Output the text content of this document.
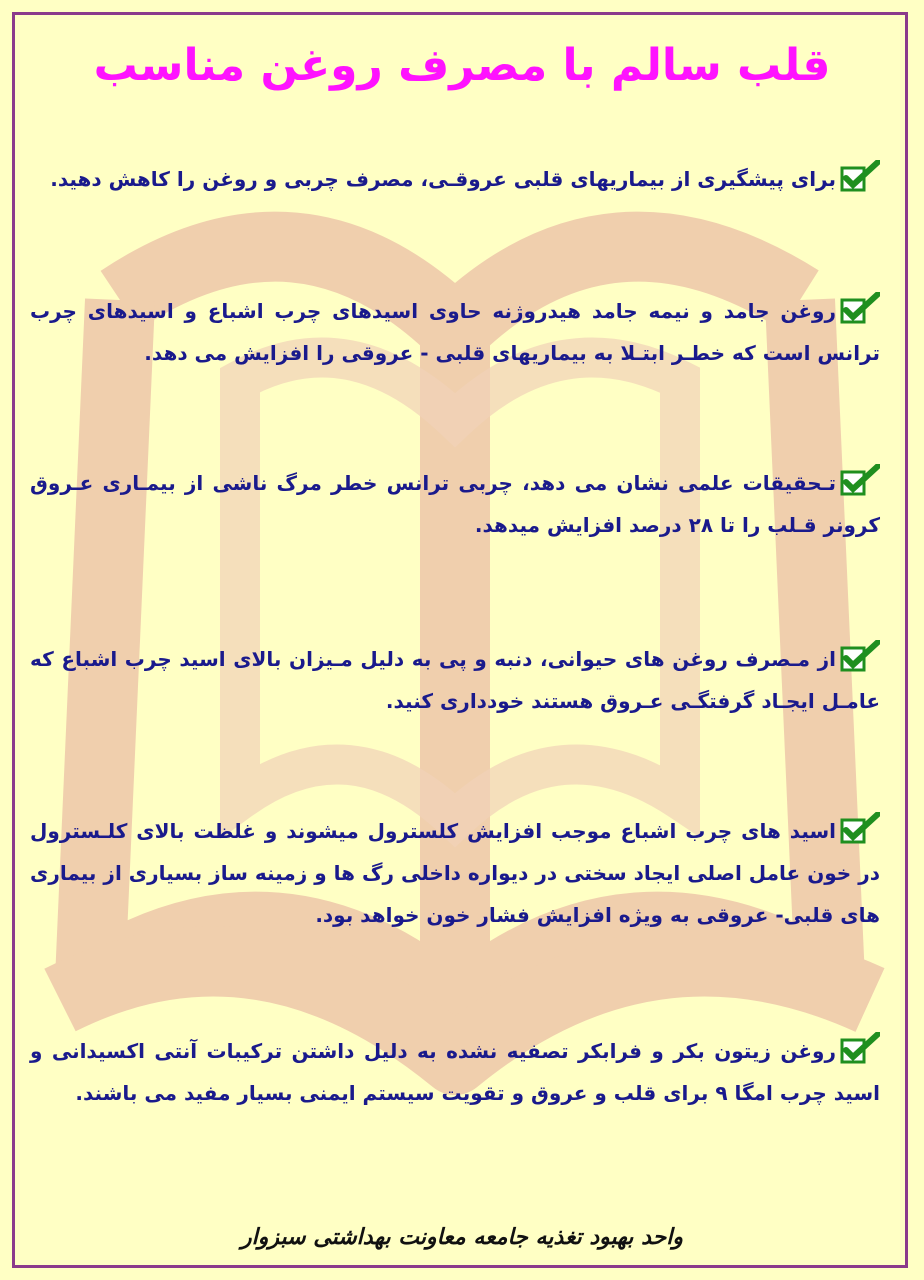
قلب سالم با مصرف روغن مناسب
برای پیشگیری از بیماریهای قلبی عروقـی، مصرف چربی و روغن را کاهش دهید.
روغن جامد و نیمه جامد هیدروژنه حاوی اسیدهای چرب اشباع و اسیدهای چرب ترانس است که خطـر ابتـلا به بیماریهای قلبی - عروقی را افزایش می دهد.
تـحقیقات علمی نشان می دهد، چربی ترانس خطر مرگ ناشی از بیمـاری عـروق کرونر قـلب را تا ۲۸ درصد افزایش میدهد.
از مـصرف روغن های حیوانی، دنبه و پی به دلیل مـیزان بالای اسید چرب اشباع که عامـل ایجـاد گرفتگـی عـروق هستند خودداری کنید.
اسید های چرب اشباع موجب افزایش کلسترول میشوند و غلظت بالای کلـسترول در خون عامل اصلی ایجاد سختی در دیواره داخلی رگ ها و زمینه ساز بسیاری از بیماری های قلبی- عروقی به ویژه افزایش فشار خون خواهد بود.
روغن زیتون بکر و فرابکر تصفیه نشده به دلیل داشتن ترکیبات آنتی اکسیدانی و اسید چرب امگا ۹ برای قلب و عروق و تقویت سیستم ایمنی بسیار مفید می باشند.
واحد بهبود تغذیه جامعه معاونت بهداشتی سبزوار
